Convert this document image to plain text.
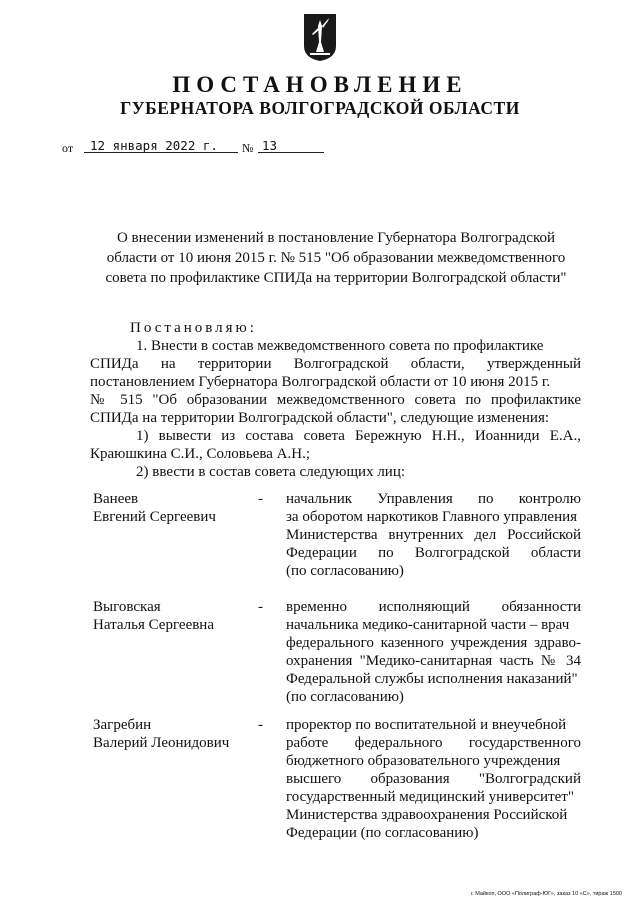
ПОСТАНОВЛЕНИЕ
ГУБЕРНАТОРА ВОЛГОГРАДСКОЙ ОБЛАСТИ
от	12 января 2022 г.	№ 13
О внесении изменений в постановление Губернатора Волгоградской
области от 10 июня 2015 г. № 515 "Об образовании межведомственного
совета по профилактике СПИДа на территории Волгоградской области"
Постановляю:
1. Внести в состав межведомственного совета по профилактике
СПИДа на территории Волгоградской области, утвержденный
постановлением Губернатора Волгоградской области от 10 июня 2015 г.
№ 515 "Об образовании межведомственного совета по профилактике
СПИДа на территории Волгоградской области", следующие изменения:
1) вывести из состава совета Бережную Н.Н., Иоанниди Е.А.,
Краюшкина С.И., Соловьева А.Н.;
2) ввести в состав совета следующих лиц:
Ванеев
Евгений Сергеевич
- начальник Управления по контролю
за оборотом наркотиков Главного управления
Министерства внутренних дел Российской
Федерации по Волгоградской области
(по согласованию)
Выговская
Наталья Сергеевна
- временно исполняющий обязанности
начальника медико-санитарной части – врач
федерального казенного учреждения здраво-
охранения "Медико-санитарная часть № 34
Федеральной службы исполнения наказаний"
(по согласованию)
Загребин
Валерий Леонидович
- проректор по воспитательной и внеучебной
работе федерального государственного
бюджетного образовательного учреждения
высшего образования "Волгоградский
государственный медицинский университет"
Министерства здравоохранения Российской
Федерации (по согласованию)
г. Майкоп, ООО «Полиграф-ЮГ», заказ 10 «С», тираж 1500
